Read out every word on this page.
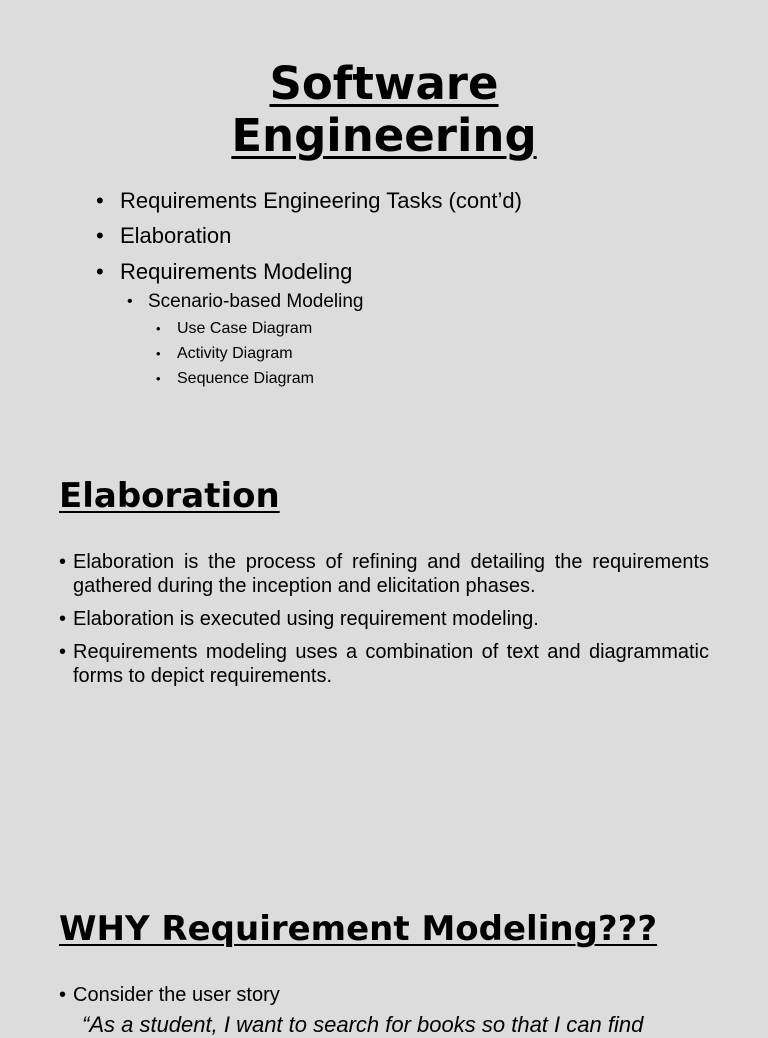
Software
Engineering
• Requirements Engineering Tasks (cont’d)
• Elaboration
• Requirements Modeling
• Scenario-based Modeling
• Use Case Diagram
• Activity Diagram
• Sequence Diagram
Elaboration
• Elaboration is the process of refining and detailing the requirements gathered during the inception and elicitation phases.
• Elaboration is executed using requirement modeling.
• Requirements modeling uses a combination of text and diagrammatic forms to depict requirements.
WHY Requirement Modeling???
• Consider the user story
“As a student, I want to search for books so that I can find
